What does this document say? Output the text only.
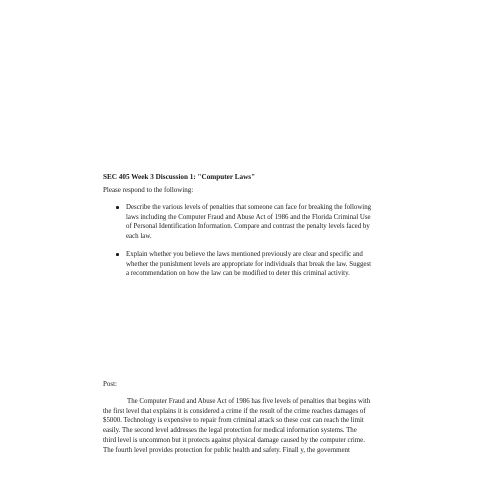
SEC 405 Week 3 Discussion 1: "Computer Laws"
Please respond to the following:
Describe the various levels of penalties that someone can face for breaking the following
laws including the Computer Fraud and Abuse Act of 1986 and the Florida Criminal Use
of Personal Identification Information. Compare and contrast the penalty levels faced by
each law.
Explain whether you believe the laws mentioned previously are clear and specific and
whether the punishment levels are appropriate for individuals that break the law. Suggest
a recommendation on how the law can be modified to deter this criminal activity.
Post:
The Computer Fraud and Abuse Act of 1986 has five levels of penalties that begins with
the first level that explains it is considered a crime if the result of the crime reaches damages of
$5000. Technology is expensive to repair from criminal attack so these cost can reach the limit
easily. The second level addresses the legal protection for medical information systems. The
third level is uncommon but it protects against physical damage caused by the computer crime.
The fourth level provides protection for public health and safety. Finall y, the government
